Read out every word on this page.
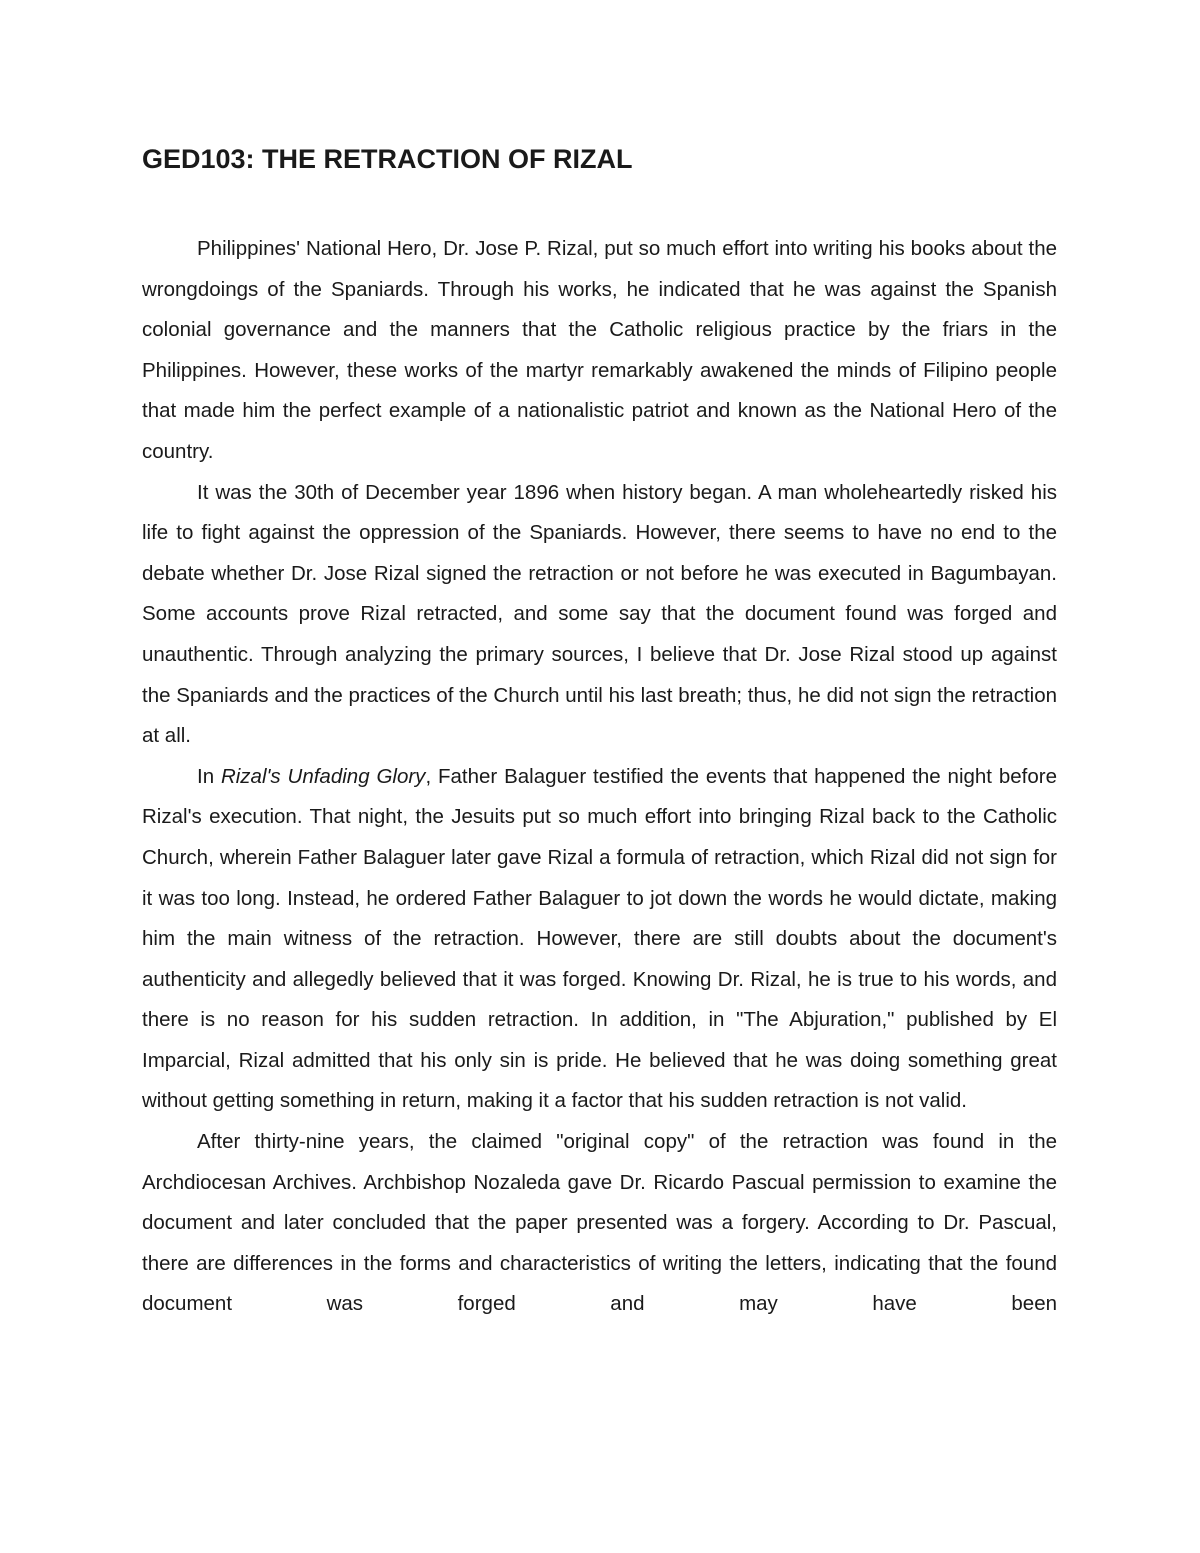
GED103: THE RETRACTION OF RIZAL

Philippines' National Hero, Dr. Jose P. Rizal, put so much effort into writing his books about the wrongdoings of the Spaniards. Through his works, he indicated that he was against the Spanish colonial governance and the manners that the Catholic religious practice by the friars in the Philippines. However, these works of the martyr remarkably awakened the minds of Filipino people that made him the perfect example of a nationalistic patriot and known as the National Hero of the country.

It was the 30th of December year 1896 when history began. A man wholeheartedly risked his life to fight against the oppression of the Spaniards. However, there seems to have no end to the debate whether Dr. Jose Rizal signed the retraction or not before he was executed in Bagumbayan. Some accounts prove Rizal retracted, and some say that the document found was forged and unauthentic. Through analyzing the primary sources, I believe that Dr. Jose Rizal stood up against the Spaniards and the practices of the Church until his last breath; thus, he did not sign the retraction at all.

In Rizal's Unfading Glory, Father Balaguer testified the events that happened the night before Rizal's execution. That night, the Jesuits put so much effort into bringing Rizal back to the Catholic Church, wherein Father Balaguer later gave Rizal a formula of retraction, which Rizal did not sign for it was too long. Instead, he ordered Father Balaguer to jot down the words he would dictate, making him the main witness of the retraction. However, there are still doubts about the document's authenticity and allegedly believed that it was forged. Knowing Dr. Rizal, he is true to his words, and there is no reason for his sudden retraction. In addition, in "The Abjuration," published by El Imparcial, Rizal admitted that his only sin is pride. He believed that he was doing something great without getting something in return, making it a factor that his sudden retraction is not valid.

After thirty-nine years, the claimed "original copy" of the retraction was found in the Archdiocesan Archives. Archbishop Nozaleda gave Dr. Ricardo Pascual permission to examine the document and later concluded that the paper presented was a forgery. According to Dr. Pascual, there are differences in the forms and characteristics of writing the letters, indicating that the found document was forged and may have been
